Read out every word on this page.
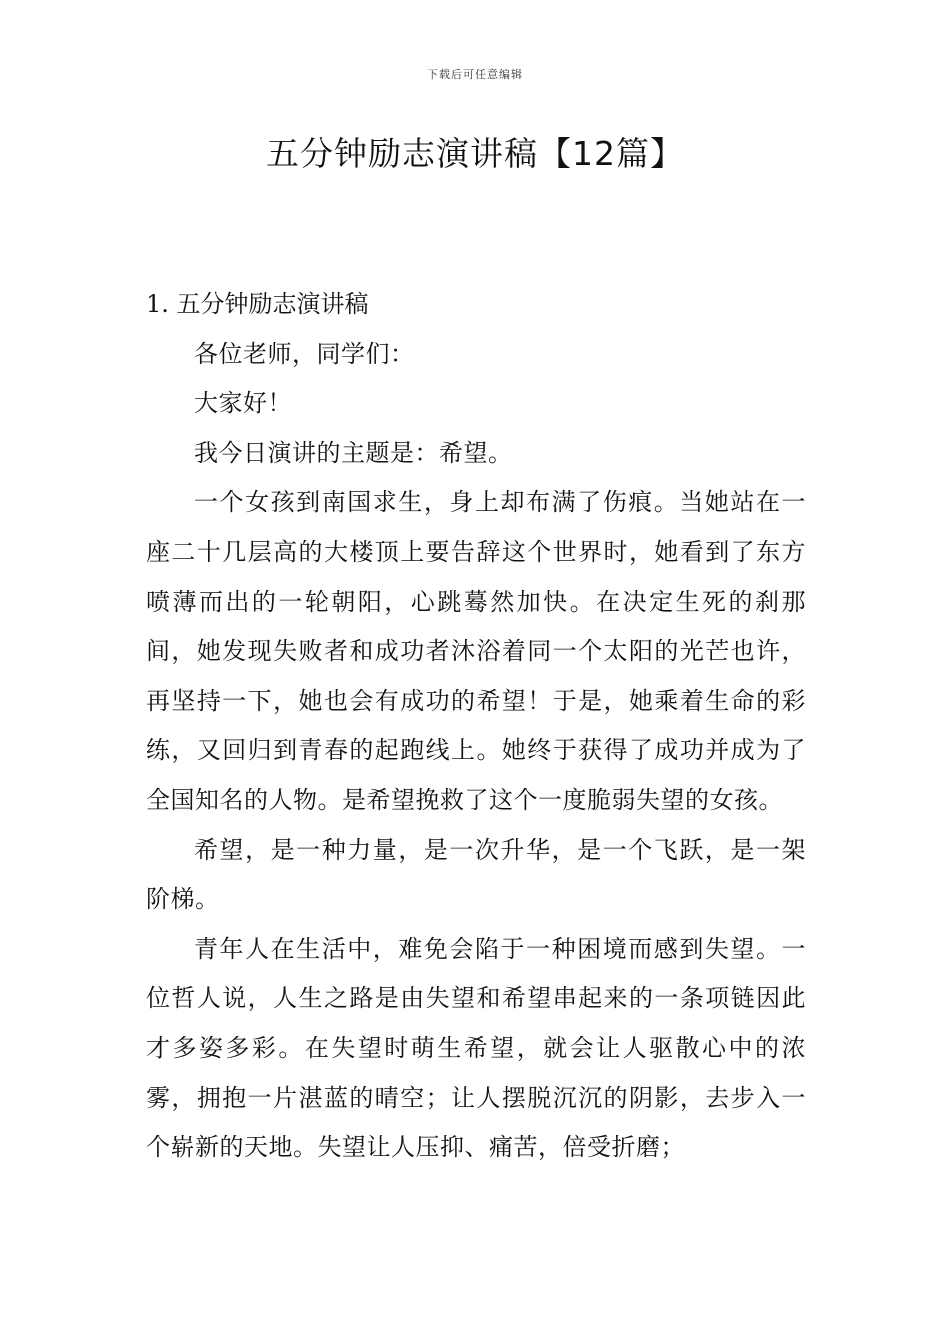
下载后可任意编辑
五分钟励志演讲稿【12篇】
1. 五分钟励志演讲稿

各位老师，同学们：

大家好！

我今日演讲的主题是：希望。

一个女孩到南国求生，身上却布满了伤痕。当她站在一座二十几层高的大楼顶上要告辞这个世界时，她看到了东方喷薄而出的一轮朝阳，心跳蓦然加快。在决定生死的刹那间，她发现失败者和成功者沐浴着同一个太阳的光芒也许，再坚持一下，她也会有成功的希望！于是，她乘着生命的彩练，又回归到青春的起跑线上。她终于获得了成功并成为了全国知名的人物。是希望挽救了这个一度脆弱失望的女孩。

希望，是一种力量，是一次升华，是一个飞跃，是一架阶梯。

青年人在生活中，难免会陷于一种困境而感到失望。一位哲人说，人生之路是由失望和希望串起来的一条项链因此才多姿多彩。在失望时萌生希望，就会让人驱散心中的浓雾，拥抱一片湛蓝的晴空；让人摆脱沉沉的阴影，去步入一个崭新的天地。失望让人压抑、痛苦，倍受折磨；
